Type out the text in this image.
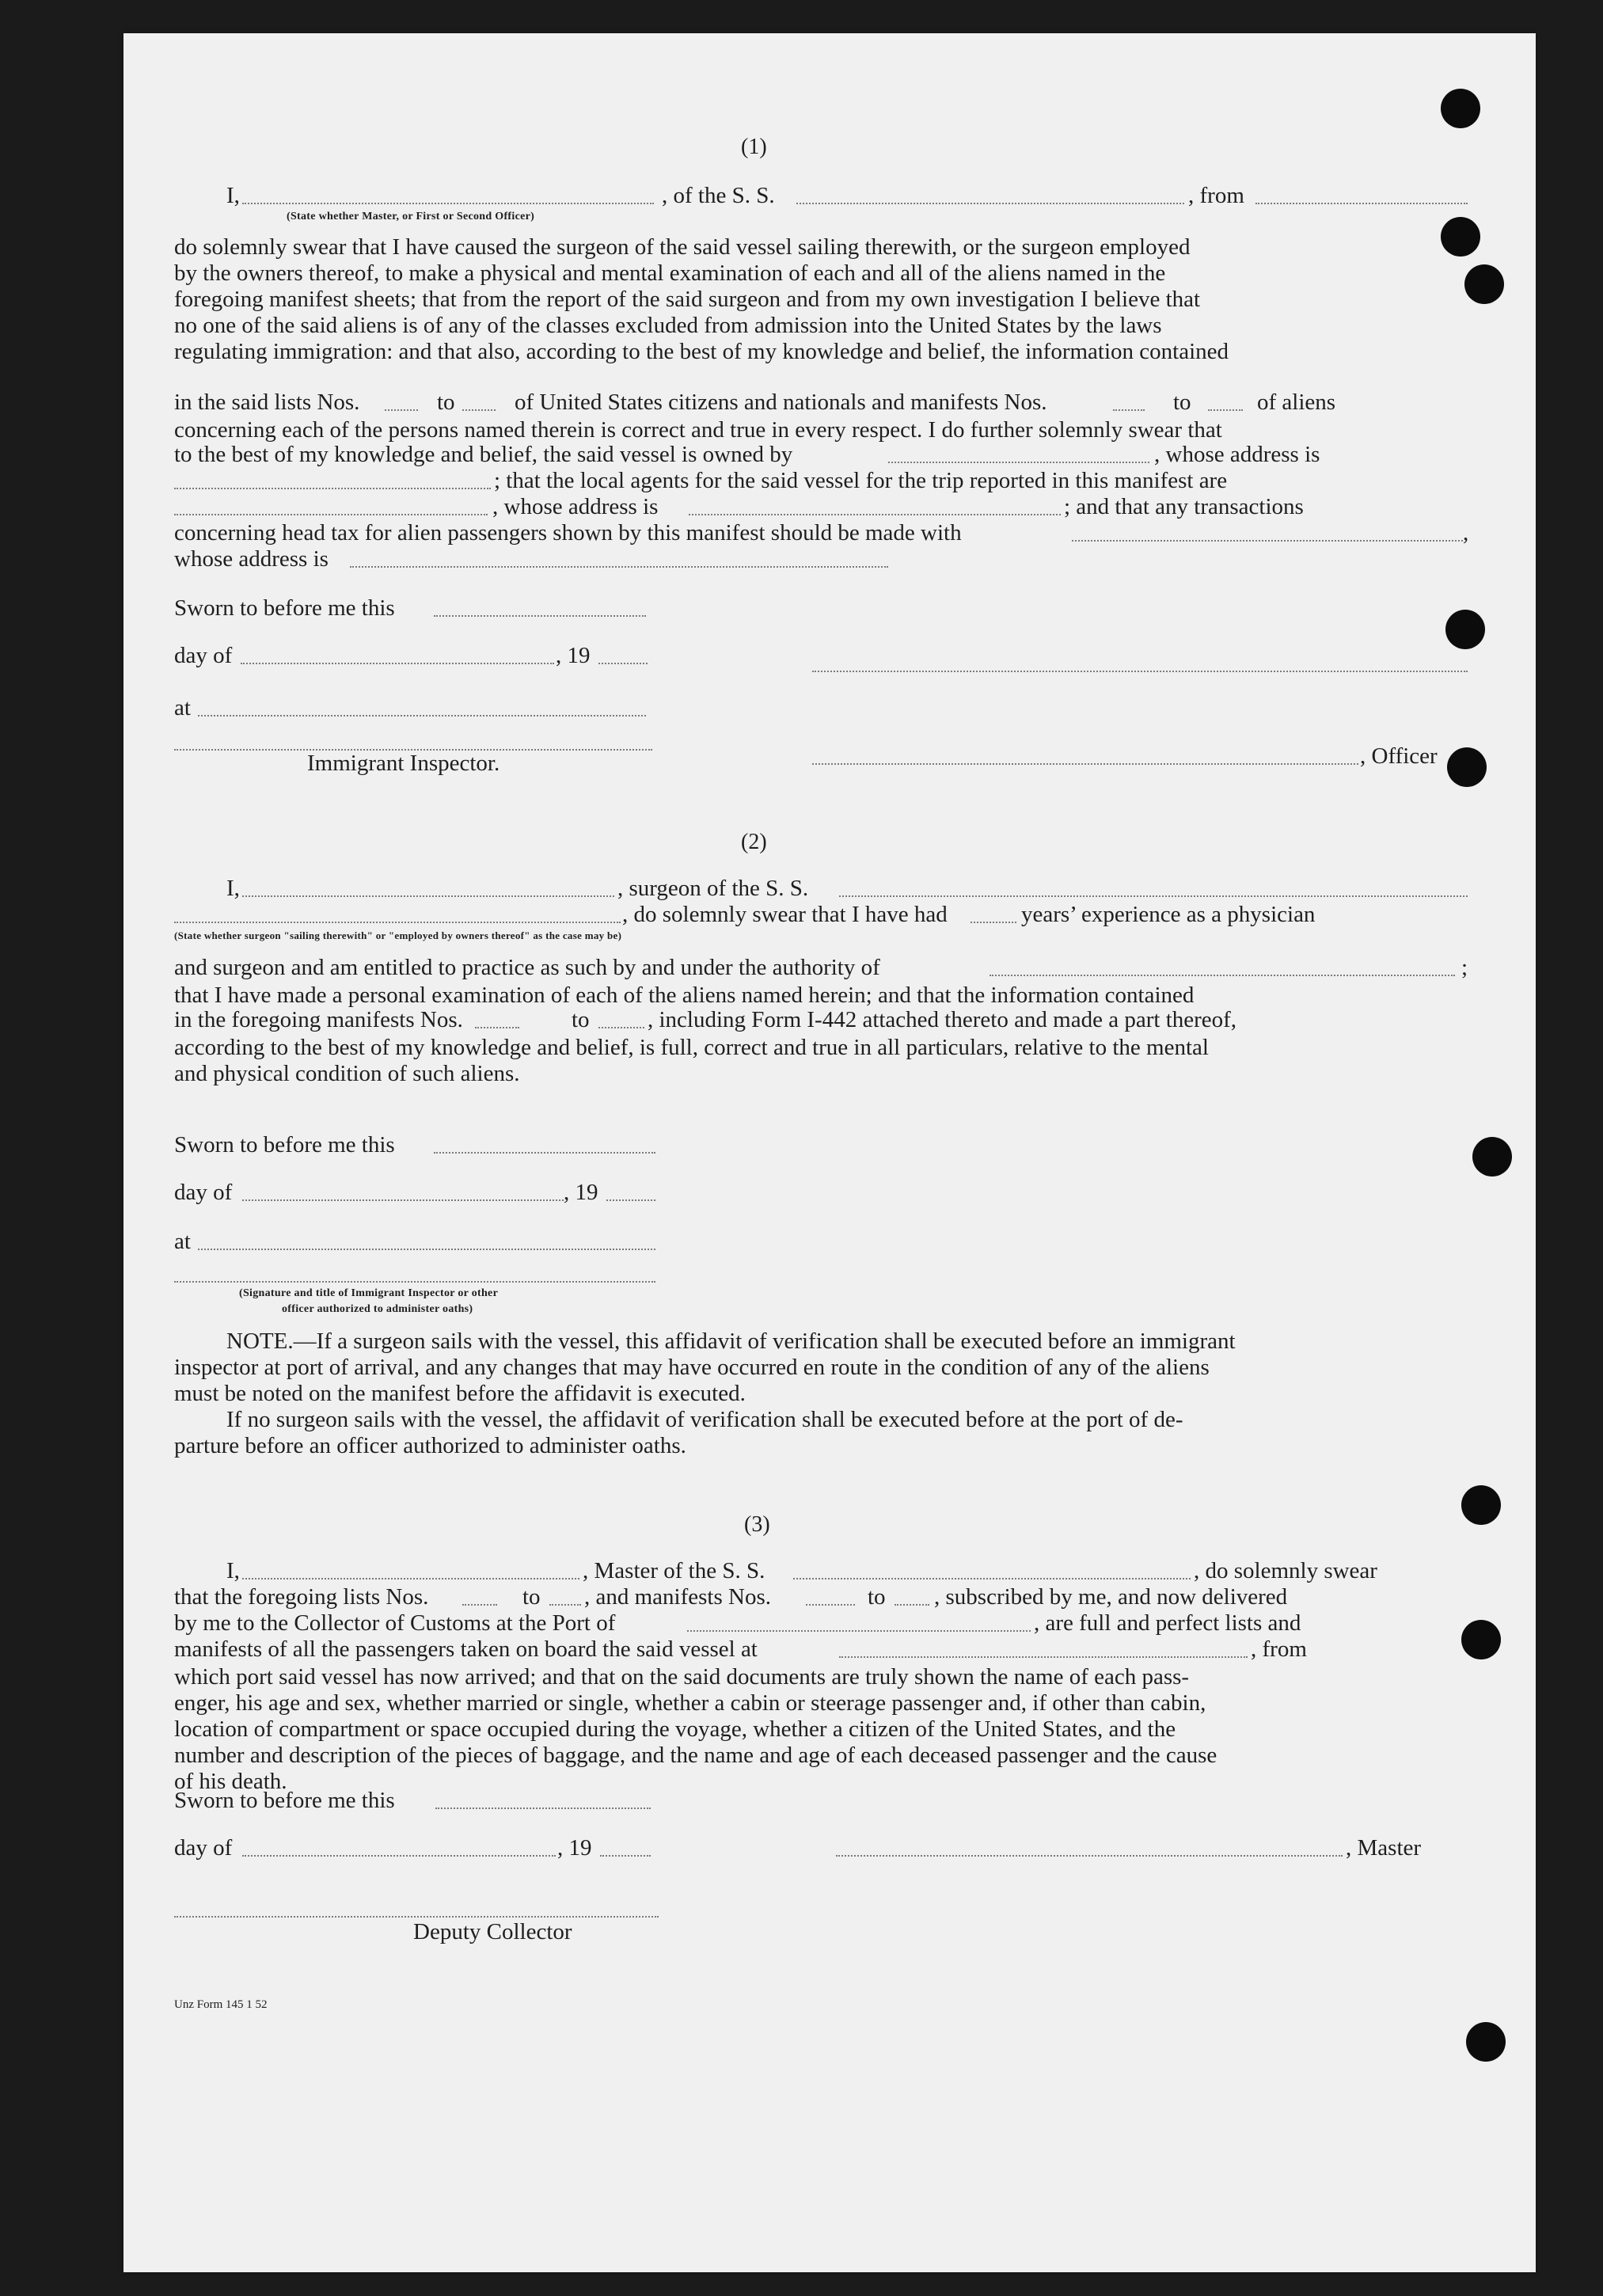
(1)
I,	, of the S. S.	, from
(State whether Master, or First or Second Officer)
do solemnly swear that I have caused the surgeon of the said vessel sailing therewith, or the surgeon employed
by the owners thereof, to make a physical and mental examination of each and all of the aliens named in the
foregoing manifest sheets; that from the report of the said surgeon and from my own investigation I believe that
no one of the said aliens is of any of the classes excluded from admission into the United States by the laws
regulating immigration: and that also, according to the best of my knowledge and belief, the information contained
in the said lists Nos.	to	of United States citizens and nationals and manifests Nos.	to	of aliens
concerning each of the persons named therein is correct and true in every respect. I do further solemnly swear that
to the best of my knowledge and belief, the said vessel is owned by	, whose address is
; that the local agents for the said vessel for the trip reported in this manifest are
, whose address is	; and that any transactions
concerning head tax for alien passengers shown by this manifest should be made with	,
whose address is
Sworn to before me this
day of	, 19
at
Immigrant Inspector.	, Officer
(2)
I,	, surgeon of the S. S.
, do solemnly swear that I have had	years’ experience as a physician
(State whether surgeon "sailing therewith" or "employed by owners thereof" as the case may be)
and surgeon and am entitled to practice as such by and under the authority of	;
that I have made a personal examination of each of the aliens named herein; and that the information contained
in the foregoing manifests Nos.	to	, including Form I-442 attached thereto and made a part thereof,
according to the best of my knowledge and belief, is full, correct and true in all particulars, relative to the mental
and physical condition of such aliens.
Sworn to before me this
day of	, 19
at
(Signature and title of Immigrant Inspector or other
officer authorized to administer oaths)
NOTE.—If a surgeon sails with the vessel, this affidavit of verification shall be executed before an immigrant
inspector at port of arrival, and any changes that may have occurred en route in the condition of any of the aliens
must be noted on the manifest before the affidavit is executed.
If no surgeon sails with the vessel, the affidavit of verification shall be executed before at the port of de-
parture before an officer authorized to administer oaths.
(3)
I,	, Master of the S. S.	, do solemnly swear
that the foregoing lists Nos.	to , and manifests Nos.	to , subscribed by me, and now delivered
by me to the Collector of Customs at the Port of	, are full and perfect lists and
manifests of all the passengers taken on board the said vessel at	, from
which port said vessel has now arrived; and that on the said documents are truly shown the name of each pass-
enger, his age and sex, whether married or single, whether a cabin or steerage passenger and, if other than cabin,
location of compartment or space occupied during the voyage, whether a citizen of the United States, and the
number and description of the pieces of baggage, and the name and age of each deceased passenger and the cause
of his death.
Sworn to before me this
day of	, 19	, Master
Deputy Collector
Unz Form 145 1 52
